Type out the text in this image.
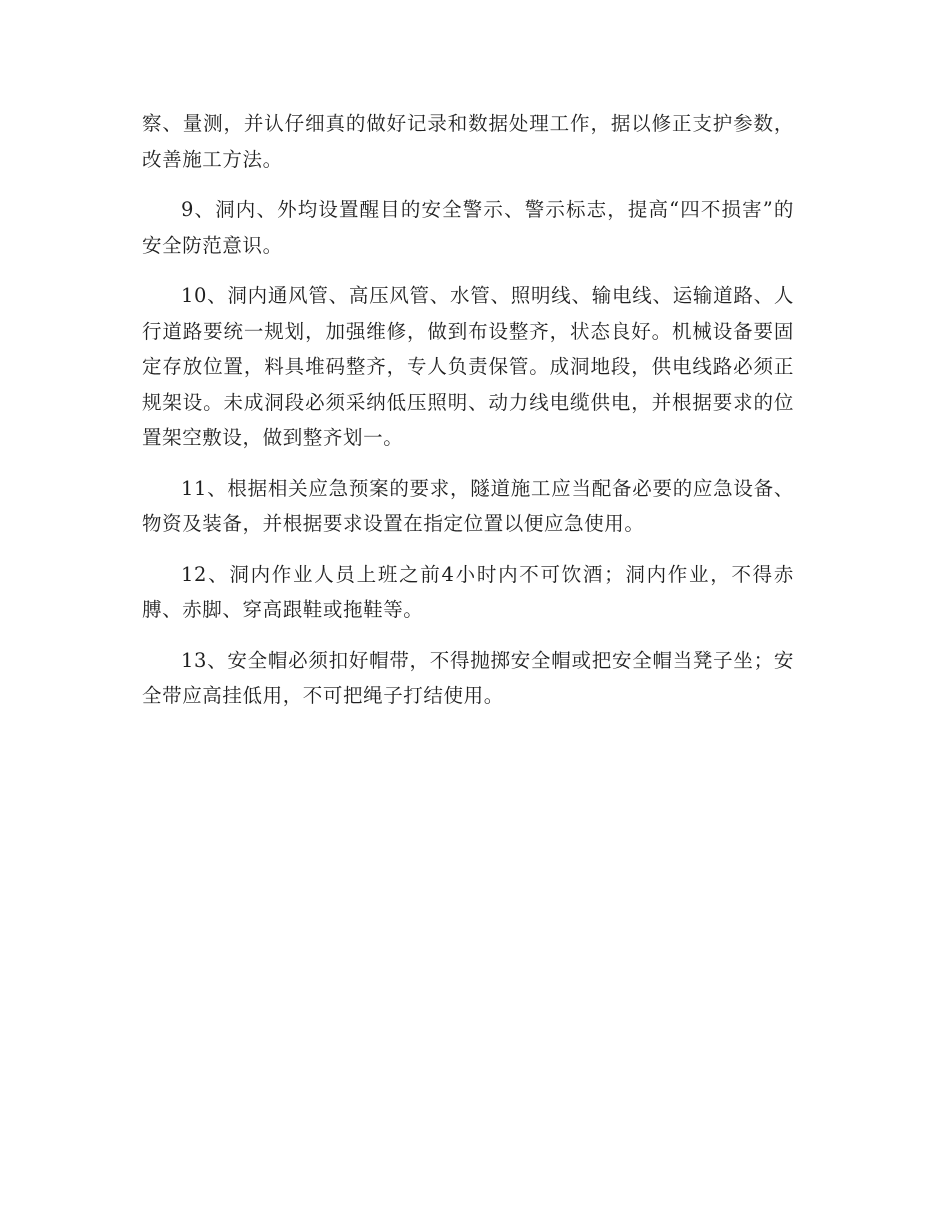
察、量测，并认仔细真的做好记录和数据处理工作，据以修正支护参数，改善施工方法。

9、洞内、外均设置醒目的安全警示、警示标志，提高“四不损害”的安全防范意识。

10、洞内通风管、高压风管、水管、照明线、输电线、运输道路、人行道路要统一规划，加强维修，做到布设整齐，状态良好。机械设备要固定存放位置，料具堆码整齐，专人负责保管。成洞地段，供电线路必须正规架设。未成洞段必须采纳低压照明、动力线电缆供电，并根据要求的位置架空敷设，做到整齐划一。

11、根据相关应急预案的要求，隧道施工应当配备必要的应急设备、物资及装备，并根据要求设置在指定位置以便应急使用。

12、洞内作业人员上班之前4小时内不可饮酒；洞内作业，不得赤膊、赤脚、穿高跟鞋或拖鞋等。

13、安全帽必须扣好帽带，不得抛掷安全帽或把安全帽当凳子坐；安全带应高挂低用，不可把绳子打结使用。
